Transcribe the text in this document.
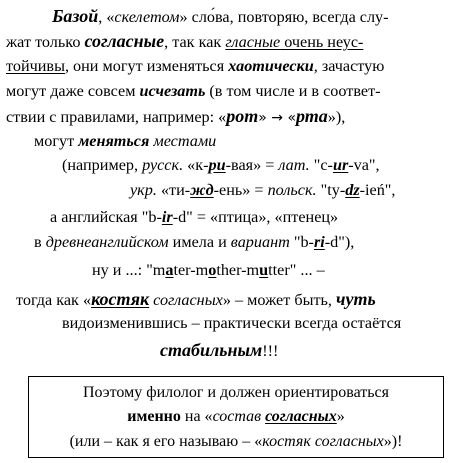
Базой, «скелетом» сло́ва, повторяю, всегда слу-
жат только согласные, так как гласные очень неус-
тойчивы, они могут изменяться хаотически, зачастую
могут даже совсем исчезать (в том числе и в соответ-
ствии с правилами, например: «рот» → «рта»),
могут меняться местами
(например, русск. «к-ри-вая» = лат. "c-ur-va",
укр. «ти-жд-ень» = польск. "ty-dz-ień",
а английская "b-ir-d" = «птица», «птенец»
в древнеанглийском имела и вариант "b-ri-d"),
ну и ...: "mater-mother-mutter" ... –
тогда как «костяк согласных» – может быть, чуть
видоизменившись – практически всегда остаётся
стабильным!!!
Поэтому филолог и должен ориентироваться
именно на «состав согласных»
(или – как я его называю – «костяк согласных»)!
